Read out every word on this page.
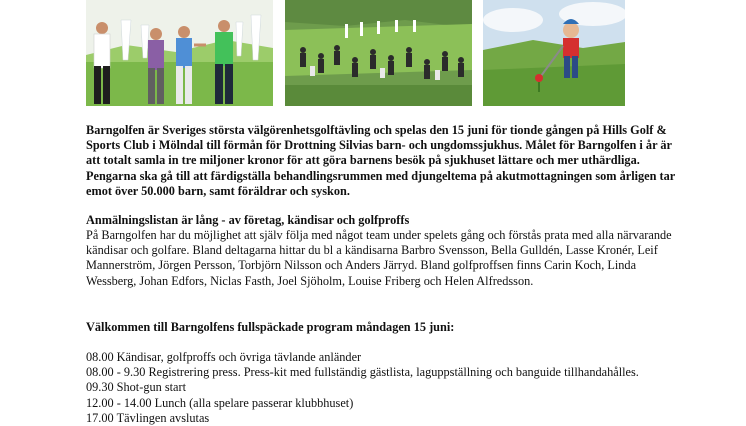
Barngolfen är Sveriges största välgörenhetsgolftävling och spelas den 15 juni för tionde gången på Hills Golf & Sports Club i Mölndal till förmån för Drottning Silvias barn- och ungdomssjukhus. Målet för Barngolfen i år är att totalt samla in tre miljoner kronor för att göra barnens besök på sjukhuset lättare och mer uthärdliga. Pengarna ska gå till att färdigställa behandlingsrummen med djungeltema på akutmottagningen som årligen tar emot över 50.000 barn, samt föräldrar och syskon.
Anmälningslistan är lång - av företag, kändisar och golfproffs
På Barngolfen har du möjlighet att själv följa med något team under spelets gång och förstås prata med alla närvarande kändisar och golfare. Bland deltagarna hittar du bl a kändisarna Barbro Svensson, Bella Gulldén, Lasse Kronér, Leif Mannerström, Jörgen Persson, Torbjörn Nilsson och Anders Järryd. Bland golfproffsen finns Carin Koch, Linda Wessberg, Johan Edfors, Niclas Fasth, Joel Sjöholm, Louise Friberg och Helen Alfredsson.
Välkommen till Barngolfens fullspäckade program måndagen 15 juni:
08.00 Kändisar, golfproffs och övriga tävlande anländer
08.00 - 9.30 Registrering press. Press-kit med fullständig gästlista, laguppställning och banguide tillhandahålles.
09.30 Shot-gun start
12.00 - 14.00 Lunch (alla spelare passerar klubbhuset)
17.00 Tävlingen avslutas
